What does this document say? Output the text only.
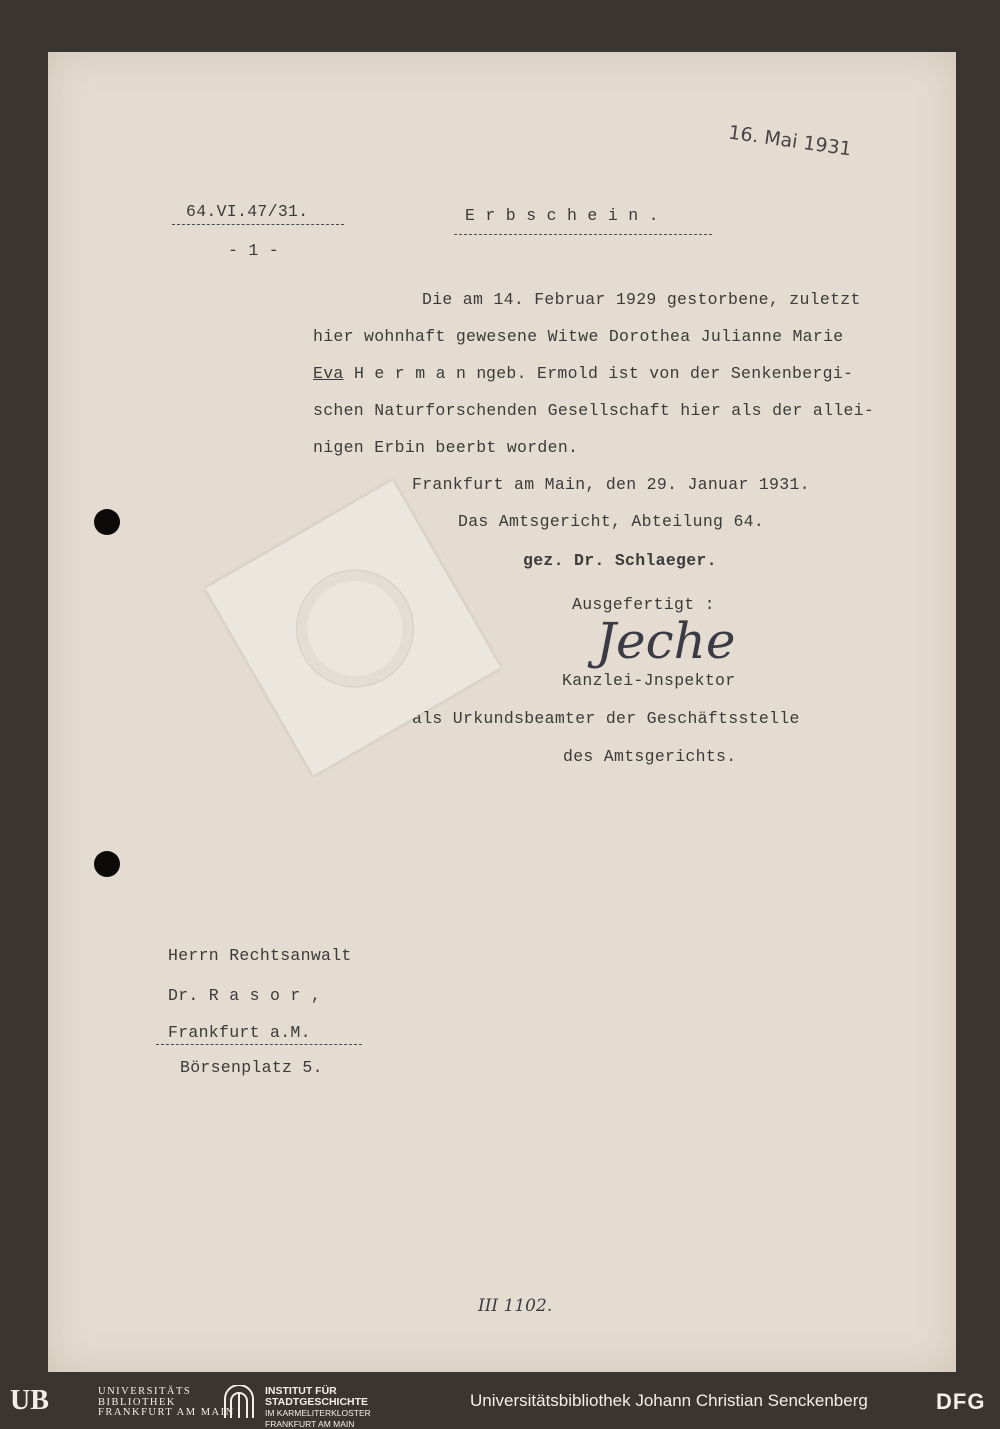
16. Mai 1931
64.VI.47/31.
- 1 -
E r b s c h e i n .
Die am 14. Februar 1929 gestorbene, zuletzt
hier wohnhaft gewesene Witwe Dorothea Julianne Marie
Eva H e r m a n n geb. Ermold ist von der Senkenbergi-
schen Naturforschenden Gesellschaft hier als der allei-
nigen Erbin beerbt worden.
Frankfurt am Main, den 29. Januar 1931.
Das Amtsgericht, Abteilung 64.
gez. Dr. Schlaeger.
Ausgefertigt :
Jeche
Kanzlei-Jnspektor
als Urkundsbeamter der Geschäftsstelle
des Amtsgerichts.
Herrn Rechtsanwalt
Dr. R a s o r ,
Frankfurt a.M.
Börsenplatz 5.
III 1102.
UB	UNIVERSITÄTS
BIBLIOTHEK
FRANKFURT AM MAIN
INSTITUT FÜR
STADTGESCHICHTE
IM KARMELITERKLOSTER
FRANKFURT AM MAIN
Universitätsbibliothek Johann Christian Senckenberg	DFG
